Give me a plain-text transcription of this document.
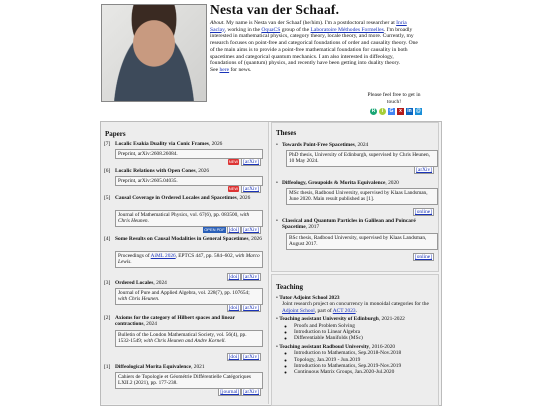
Nesta van der Schaaf.
About. My name is Nesta van der Schaaf (he/him). I'm a postdoctoral researcher at Inria Saclay, working in the OquaCS group of the Laboratoire Méthodes Formelles. I'm broadly interested in mathematical physics, category theory, locale theory, and more. Currently, my research focuses on point-free and categorical foundations of order and causality theory. One of the main aims is to provide a point-free mathematical foundation for causality in both spacetimes and categorical quantum mechanics. I am also interested in diffeology, foundations of (quantum) physics, and recently have been getting into duality theory.
See here for news.
Please feel free to get in touch!
R	i	G	x	in @
Papers
[7] Localic Esakia Duality via Conic Frames, 2026
Preprint, arXiv:2608.26084.
NEW [arXiv]
[6] Localic Relations with Open Cones, 2026
Preprint, arXiv:2605.04035.
NEW [arXiv]
[5] Causal Coverage in Ordered Locales and Spacetimes, 2026
Journal of Mathematical Physics, vol. 67(6), pp. 083500, with Chris Heunen.
OPEN PDF [doi] [arXiv]
[4] Some Results on Causal Modalities in General Spacetimes, 2026
Proceedings of AiML 2026, EPTCS 447, pp. 584–602, with Marco Lewis.
[doi] [arXiv]
[3] Ordered Locales, 2024
Journal of Pure and Applied Algebra, vol. 228(7), pp. 107654; with Chris Heunen.
[doi] [arXiv]
[2] Axioms for the category of Hilbert spaces and linear contractions, 2024
Bulletin of the London Mathematical Society, vol. 56(4), pp. 1532-1549; with Chris Heunen and Andre Kornell.
[doi] [arXiv]
[1] Diffeological Morita Equivalence, 2021
Cahiers de Topologie et Géométrie Différentielle Catégoriques LXII.2 (2021), pp. 177-238.
[journal] [arXiv]
Theses
• Towards Point-Free Spacetimes, 2024
PhD thesis, University of Edinburgh, supervised by Chris Heunen, 10 May 2024.
[arXiv]
• Diffeology, Groupoids & Morita Equivalence, 2020
MSc thesis, Radboud University, supervised by Klaas Landsman, June 2020. Main result published as [1].
[online]
• Classical and Quantum Particles in Galilean and Poincaré Spacetime, 2017
BSc thesis, Radboud University, supervised by Klaas Landsman, August 2017.
[online]
Teaching
• Tutor Adjoint School 2023
Joint research project on concurrency in monoidal categories for the Adjoint School, part of ACT 2023.
• Teaching assistant University of Edinburgh, 2021-2022
◦ Proofs and Problem Solving
◦ Introduction to Linear Algebra
◦ Differentiable Manifolds (MSc)
• Teaching assistant Radboud University, 2016-2020
◦ Introduction to Mathematics, Sep.2018-Nov.2018
◦ Topology, Jan.2019 - Jun.2019
◦ Introduction to Mathematics, Sep.2019-Nov.2019
◦ Continuous Matrix Groups, Jan.2020-Jul.2020
